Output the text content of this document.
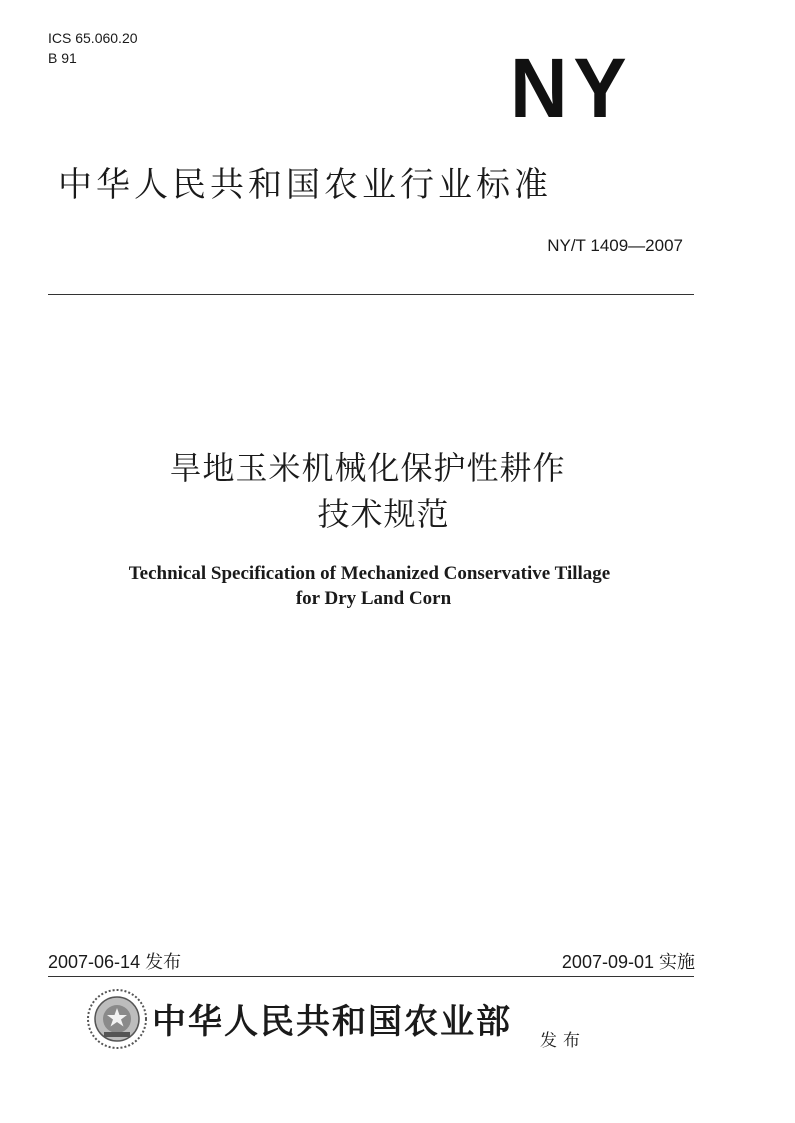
ICS 65.060.20
B 91	NY
中华人民共和国农业行业标准
NY/T 1409—2007
旱地玉米机械化保护性耕作
技术规范
Technical Specification of Mechanized Conservative Tillage
for Dry Land Corn
2007-06-14 发布	2007-09-01 实施
中华人民共和国农业部 发布
